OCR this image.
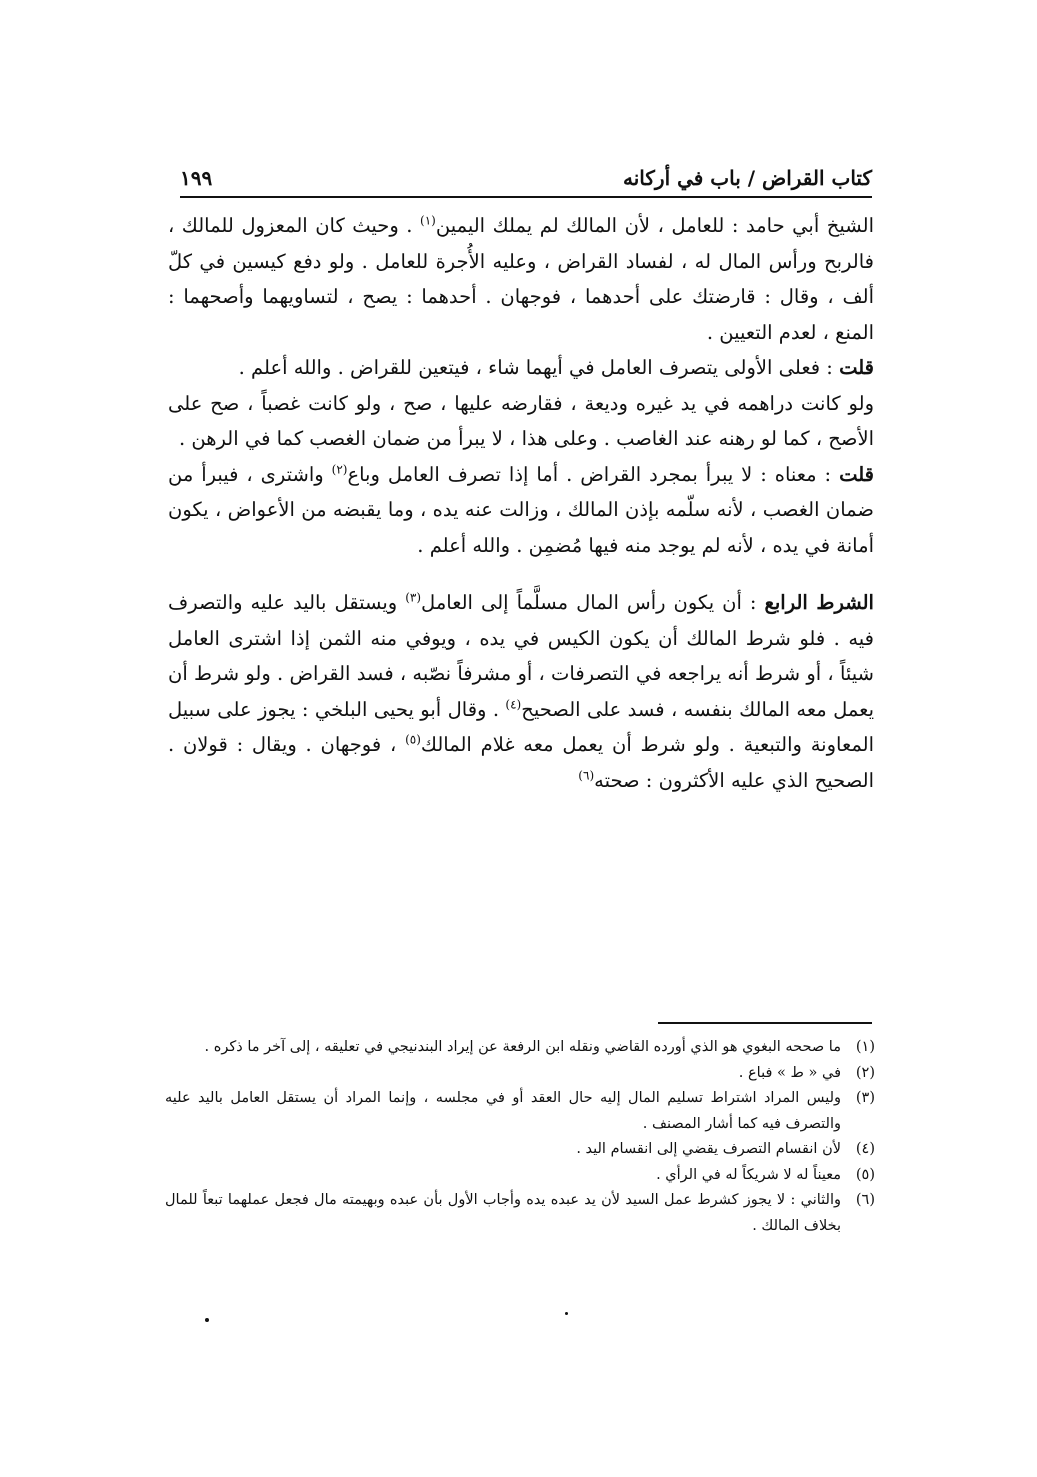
كتاب القراض / باب في أركانه
١٩٩

الشيخ أبي حامد : للعامل ، لأن المالك لم يملك اليمين$^{(١)}$ . وحيث كان المعزول للمالك ، فالربح ورأس المال له ، لفساد القراض ، وعليه الأُجرة للعامل . ولو دفع كيسين في كلّ ألف ، وقال : قارضتك على أحدهما ، فوجهان . أحدهما : يصح ، لتساويهما وأصحهما : المنع ، لعدم التعيين .

قلت : فعلى الأولى يتصرف العامل في أيهما شاء ، فيتعين للقراض . والله أعلم .

ولو كانت دراهمه في يد غيره وديعة ، فقارضه عليها ، صح ، ولو كانت غصباً ، صح على الأصح ، كما لو رهنه عند الغاصب . وعلى هذا ، لا يبرأ من ضمان الغصب كما في الرهن .

قلت : معناه : لا يبرأ بمجرد القراض . أما إذا تصرف العامل وباع$^{(٢)}$ واشترى ، فيبرأ من ضمان الغصب ، لأنه سلّمه بإذن المالك ، وزالت عنه يده ، وما يقبضه من الأعواض ، يكون أمانة في يده ، لأنه لم يوجد منه فيها مُضمِن . والله أعلم .

الشرط الرابع : أن يكون رأس المال مسلَّماً إلى العامل$^{(٣)}$ ويستقل باليد عليه والتصرف فيه . فلو شرط المالك أن يكون الكيس في يده ، ويوفي منه الثمن إذا اشترى العامل شيئاً ، أو شرط أنه يراجعه في التصرفات ، أو مشرفاً نصّبه ، فسد القراض . ولو شرط أن يعمل معه المالك بنفسه ، فسد على الصحيح$^{(٤)}$ . وقال أبو يحيى البلخي : يجوز على سبيل المعاونة والتبعية . ولو شرط أن يعمل معه غلام المالك$^{(٥)}$ ، فوجهان . ويقال : قولان . الصحيح الذي عليه الأكثرون : صحته$^{(٦)}$

(١)
ما صححه البغوي هو الذي أورده القاضي ونقله ابن الرفعة عن إيراد البندنيجي في تعليقه ، إلى آخر ما ذكره .
(٢)
في « ط » فباع .
(٣)
وليس المراد اشتراط تسليم المال إليه حال العقد أو في مجلسه ، وإنما المراد أن يستقل العامل باليد عليه والتصرف فيه كما أشار المصنف .
(٤)
لأن انقسام التصرف يقضي إلى انقسام اليد .
(٥)
معيناً له لا شريكاً له في الرأي .
(٦)
والثاني : لا يجوز كشرط عمل السيد لأن يد عبده يده وأجاب الأول بأن عبده وبهيمته مال فجعل عملهما تبعاً للمال بخلاف المالك .
